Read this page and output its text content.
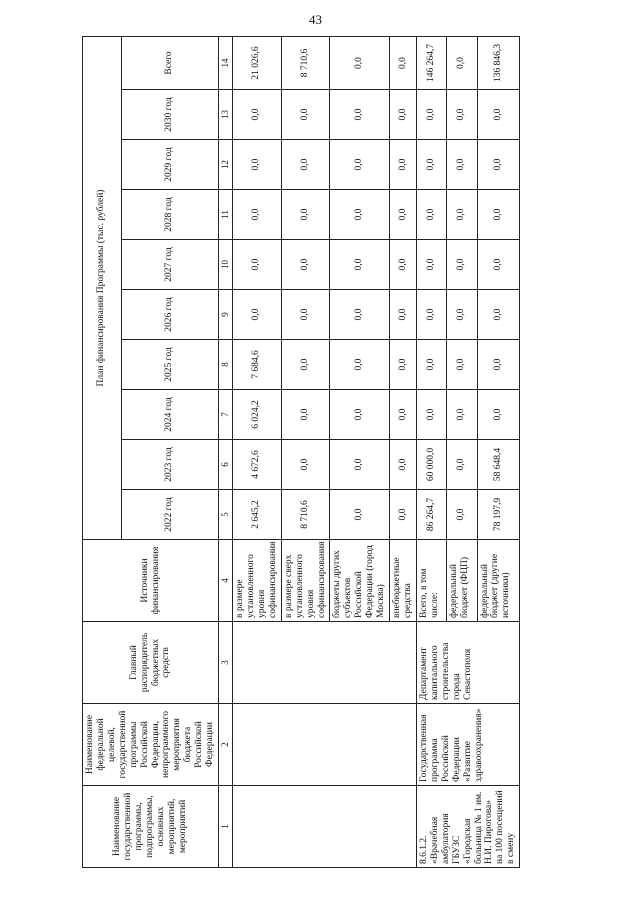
43
Наименование государственной программы, подпрограммы, основных мероприятий, мероприятий	Наименование федеральной целевой, государственной программы Российской Федерации, непрограммного мероприятия бюджета Российской Федерации	Главный распорядитель бюджетных средств	Источники финансирования	План финансирования Программы (тыс. рублей)									
				2022 год	2023 год	2024 год	2025 год	2026 год	2027 год	2028 год	2029 год	2030 год	Всего
1	2	3	4	5	6	7	8	9	10	11	12	13	14
			в размере установленного уровня софинансирования	2 645,2	4 672,6	6 024,2	7 684,6	0,0	0,0	0,0	0,0	0,0	21 026,6
			в размере сверх установленного уровня софинансирования	8 710,6	0,0	0,0	0,0	0,0	0,0	0,0	0,0	0,0	8 710,6
			бюджеты других субъектов Российской Федерации (город Москва)	0,0	0,0	0,0	0,0	0,0	0,0	0,0	0,0	0,0	0,0
			внебюджетные средства	0,0	0,0	0,0	0,0	0,0	0,0	0,0	0,0	0,0	0,0
8.6.1.2. «Врачебная амбулатория ГБУЗС «Городская больница № 1 им. Н.И. Пирогова» на 100 посещений в смену	Государственная программа Российской Федерации «Развитие здравоохранения»	Департамент капитального строительства города Севастополя	Всего, в том числе:	86 264,7	60 000,0	0,0	0,0	0,0	0,0	0,0	0,0	0,0	146 264,7
			федеральный бюджет (ФЦП)	0,0	0,0	0,0	0,0	0,0	0,0	0,0	0,0	0,0	0,0
			федеральный бюджет (другие источники)	78 197,9	58 648,4	0,0	0,0	0,0	0,0	0,0	0,0	0,0	136 846,3
